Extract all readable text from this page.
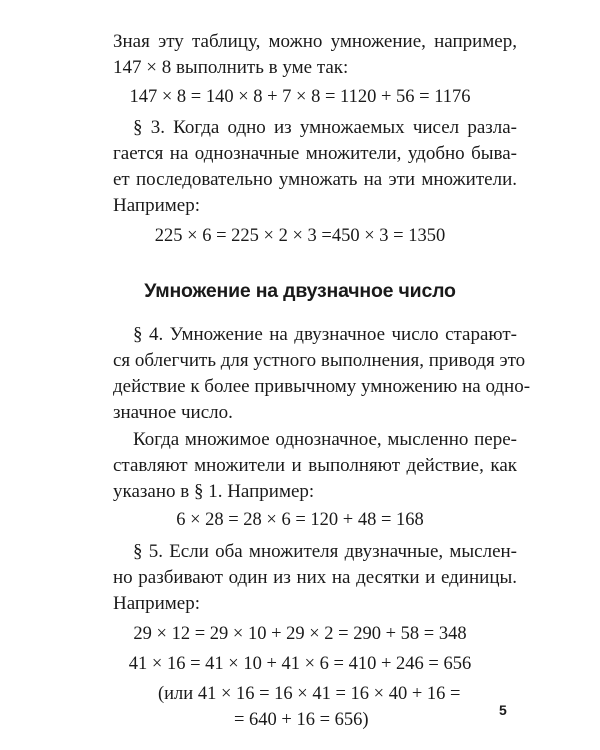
Зная эту таблицу, можно умножение, например,
147 × 8 выполнить в уме так:
147 × 8 = 140 × 8 + 7 × 8 = 1120 + 56 = 1176
§ 3. Когда одно из умножаемых чисел разла-
гается на однозначные множители, удобно быва-
ет последовательно умножать на эти множители.
Например:
225 × 6 = 225 × 2 × 3 =450 × 3 = 1350
Умножение на двузначное число
§ 4. Умножение на двузначное число старают-
ся облегчить для устного выполнения, приводя это
действие к более привычному умножению на одно-
значное число.
Когда множимое однозначное, мысленно пере-
ставляют множители и выполняют действие, как
указано в § 1. Например:
6 × 28 = 28 × 6 = 120 + 48 = 168
§ 5. Если оба множителя двузначные, мыслен-
но разбивают один из них на десятки и единицы.
Например:
29 × 12 = 29 × 10 + 29 × 2 = 290 + 58 = 348
41 × 16 = 41 × 10 + 41 × 6 = 410 + 246 = 656
(или 41 × 16 = 16 × 41 = 16 × 40 + 16 =
= 640 + 16 = 656)	5
